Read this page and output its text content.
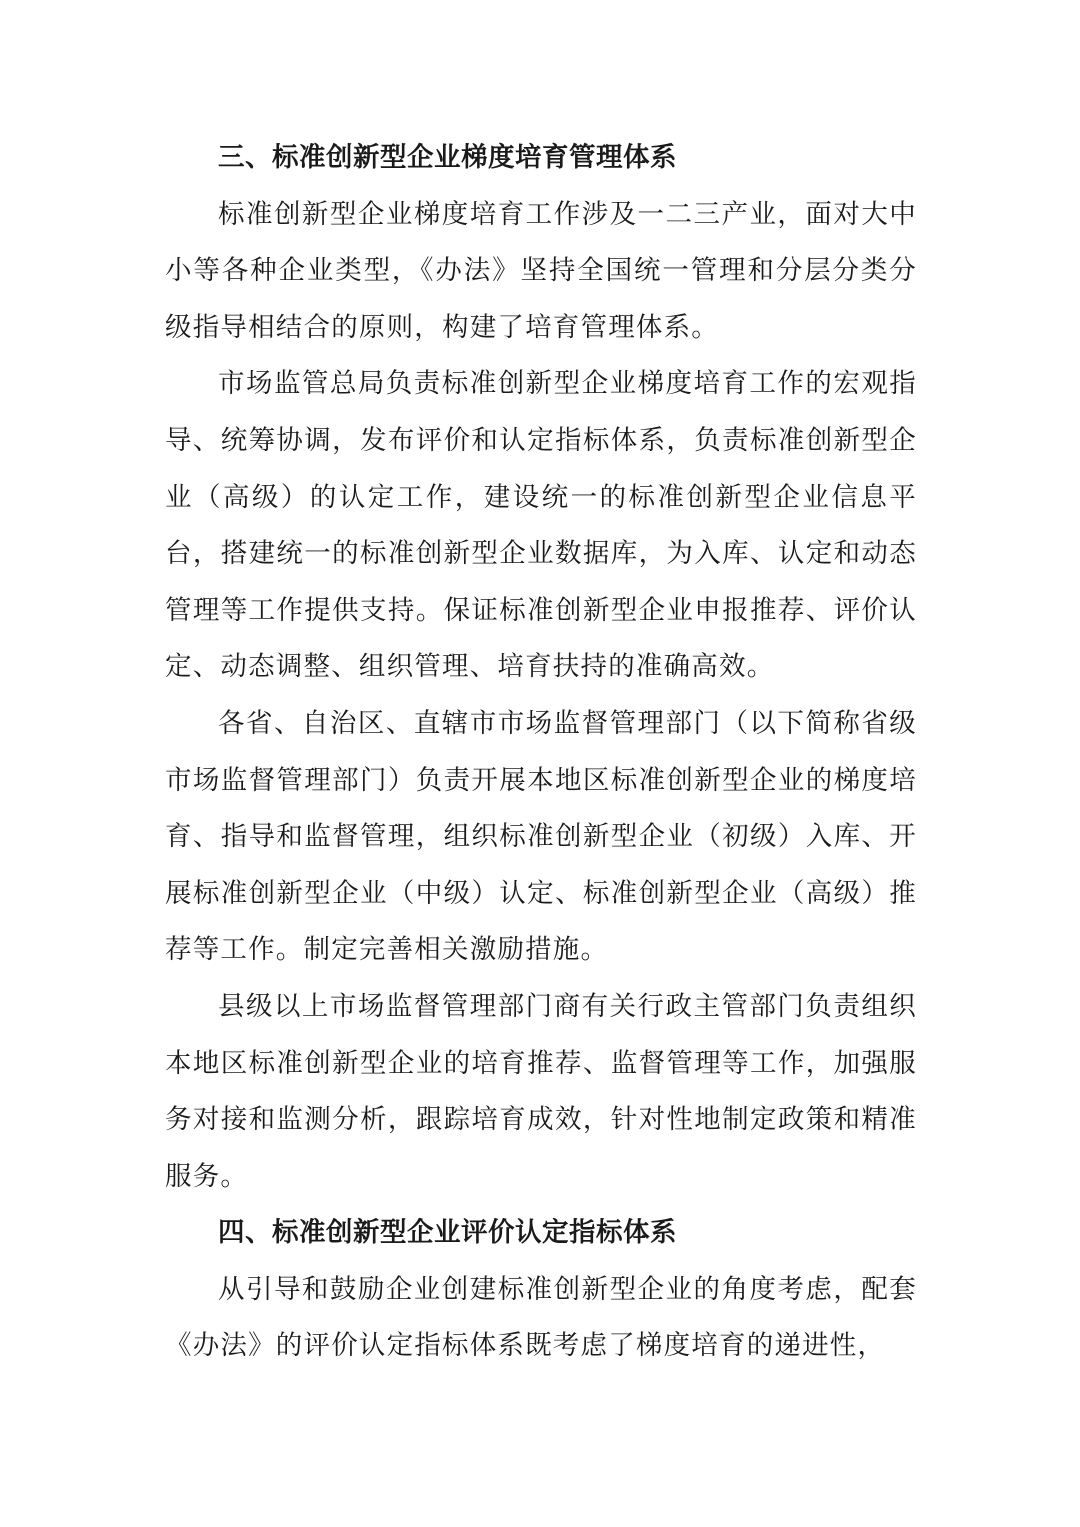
三、标准创新型企业梯度培育管理体系

标准创新型企业梯度培育工作涉及一二三产业，面对大中小等各种企业类型，《办法》坚持全国统一管理和分层分类分级指导相结合的原则，构建了培育管理体系。

市场监管总局负责标准创新型企业梯度培育工作的宏观指导、统筹协调，发布评价和认定指标体系，负责标准创新型企业（高级）的认定工作，建设统一的标准创新型企业信息平台，搭建统一的标准创新型企业数据库，为入库、认定和动态管理等工作提供支持。保证标准创新型企业申报推荐、评价认定、动态调整、组织管理、培育扶持的准确高效。

各省、自治区、直辖市市场监督管理部门（以下简称省级市场监督管理部门）负责开展本地区标准创新型企业的梯度培育、指导和监督管理，组织标准创新型企业（初级）入库、开展标准创新型企业（中级）认定、标准创新型企业（高级）推荐等工作。制定完善相关激励措施。

县级以上市场监督管理部门商有关行政主管部门负责组织本地区标准创新型企业的培育推荐、监督管理等工作，加强服务对接和监测分析，跟踪培育成效，针对性地制定政策和精准服务。

四、标准创新型企业评价认定指标体系

从引导和鼓励企业创建标准创新型企业的角度考虑，配套《办法》的评价认定指标体系既考虑了梯度培育的递进性，
